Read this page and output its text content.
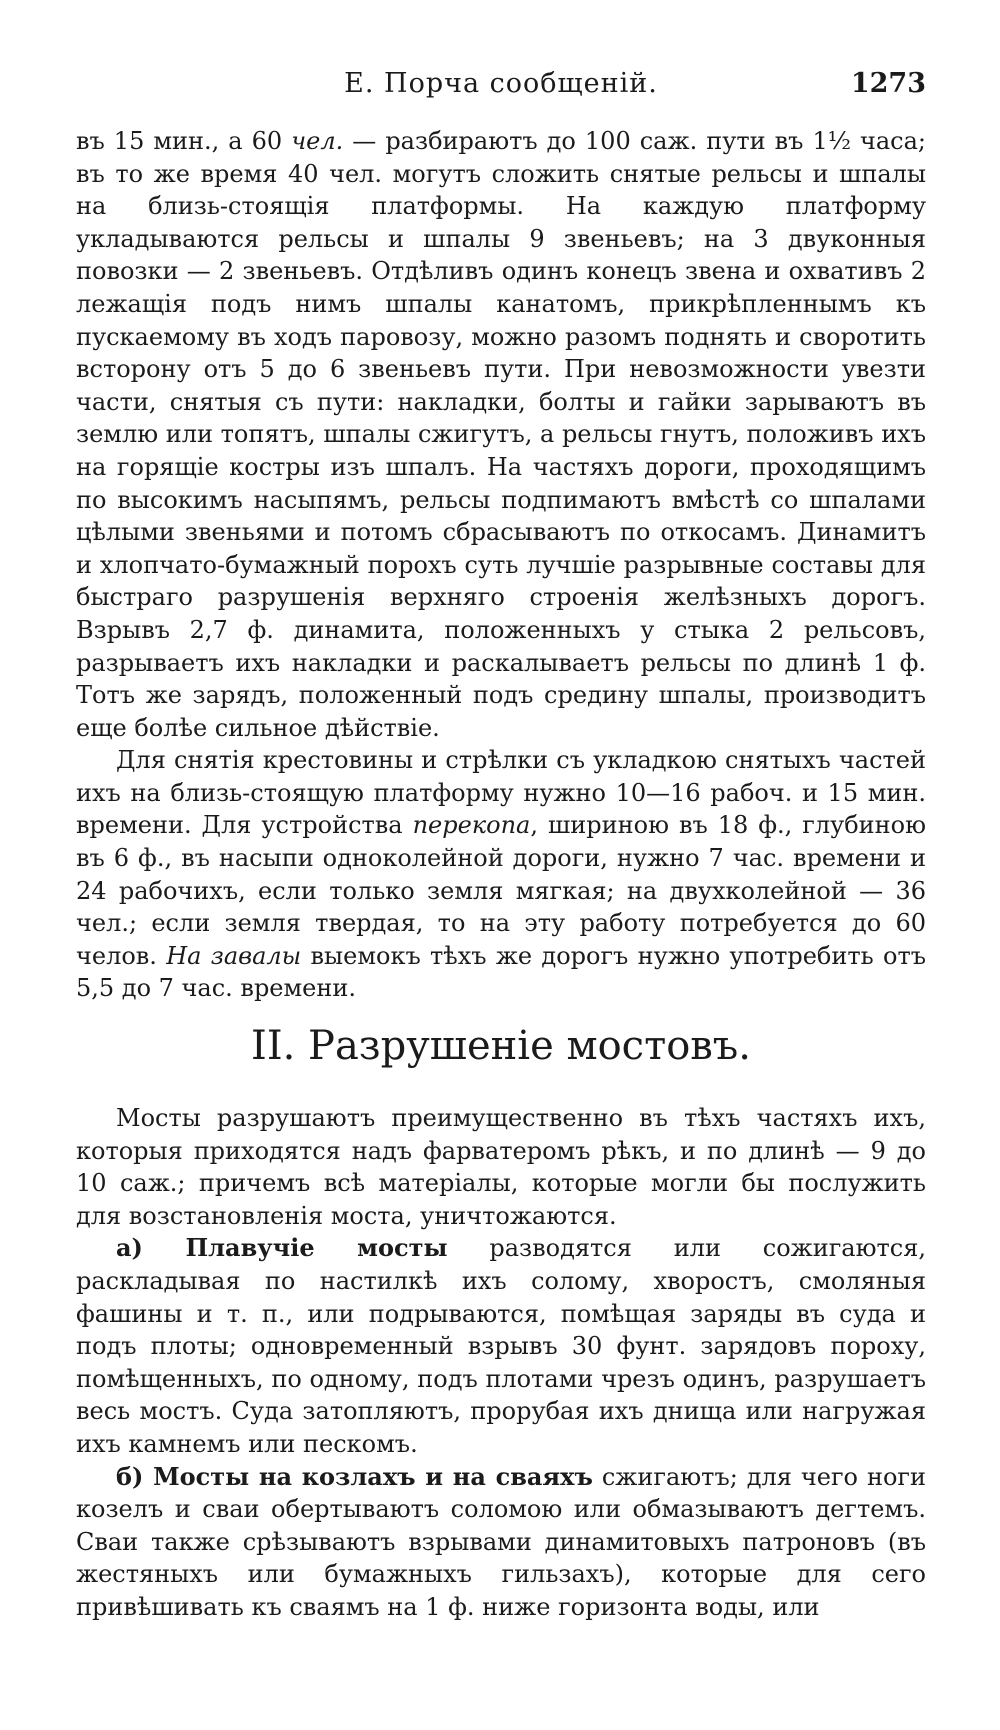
Е. Порча сообщеній.	1273

въ 15 мин., а 60 чел. — разбираютъ до 100 саж. пути въ 1½ часа; въ то же время 40 чел. могутъ сложить снятые рельсы и шпалы на близь-стоящія платформы. На каждую платформу укладываются рельсы и шпалы 9 звеньевъ; на 3 двуконныя повозки — 2 звеньевъ. Отдѣливъ одинъ конецъ звена и охвативъ 2 лежащія подъ нимъ шпалы канатомъ, прикрѣпленнымъ къ пускаемому въ ходъ паровозу, можно разомъ поднять и своротить всторону отъ 5 до 6 звеньевъ пути. При невозможности увезти части, снятыя съ пути: накладки, болты и гайки зарываютъ въ землю или топятъ, шпалы сжигутъ, а рельсы гнутъ, положивъ ихъ на горящіе костры изъ шпалъ. На частяхъ дороги, проходящимъ по высокимъ насыпямъ, рельсы подпимаютъ вмѣстѣ со шпалами цѣлыми звеньями и потомъ сбрасываютъ по откосамъ. Динамитъ и хлопчато-бумажный порохъ суть лучшіе разрывные составы для быстраго разрушенія верхняго строенія желѣзныхъ дорогъ. Взрывъ 2,7 ф. динамита, положенныхъ у стыка 2 рельсовъ, разрываетъ ихъ накладки и раскалываетъ рельсы по длинѣ 1 ф. Тотъ же зарядъ, положенный подъ средину шпалы, производитъ еще болѣе сильное дѣйствіе.

Для снятія крестовины и стрѣлки съ укладкою снятыхъ частей ихъ на близь-стоящую платформу нужно 10—16 рабоч. и 15 мин. времени. Для устройства перекопа, шириною въ 18 ф., глубиною въ 6 ф., въ насыпи одноколейной дороги, нужно 7 час. времени и 24 рабочихъ, если только земля мягкая; на двухколейной — 36 чел.; если земля твердая, то на эту работу потребуется до 60 челов. На завалы выемокъ тѣхъ же дорогъ нужно употребить отъ 5,5 до 7 час. времени.

II. Разрушеніе мостовъ.

Мосты разрушаютъ преимущественно въ тѣхъ частяхъ ихъ, которыя приходятся надъ фарватеромъ рѣкъ, и по длинѣ — 9 до 10 саж.; причемъ всѣ матеріалы, которые могли бы послужить для возстановленія моста, уничтожаются.

а) Плавучіе мосты разводятся или сожигаются, раскладывая по настилкѣ ихъ солому, хворостъ, смоляныя фашины и т. п., или подрываются, помѣщая заряды въ суда и подъ плоты; одновременный взрывъ 30 фунт. зарядовъ пороху, помѣщенныхъ, по одному, подъ плотами чрезъ одинъ, разрушаетъ весь мостъ. Суда затопляютъ, прорубая ихъ днища или нагружая ихъ камнемъ или пескомъ.

б) Мосты на козлахъ и на сваяхъ сжигаютъ; для чего ноги козелъ и сваи обертываютъ соломою или обмазываютъ дегтемъ. Сваи также срѣзываютъ взрывами динамитовыхъ патроновъ (въ жестяныхъ или бумажныхъ гильзахъ), которые для сего привѣшивать къ сваямъ на 1 ф. ниже горизонта воды, или
